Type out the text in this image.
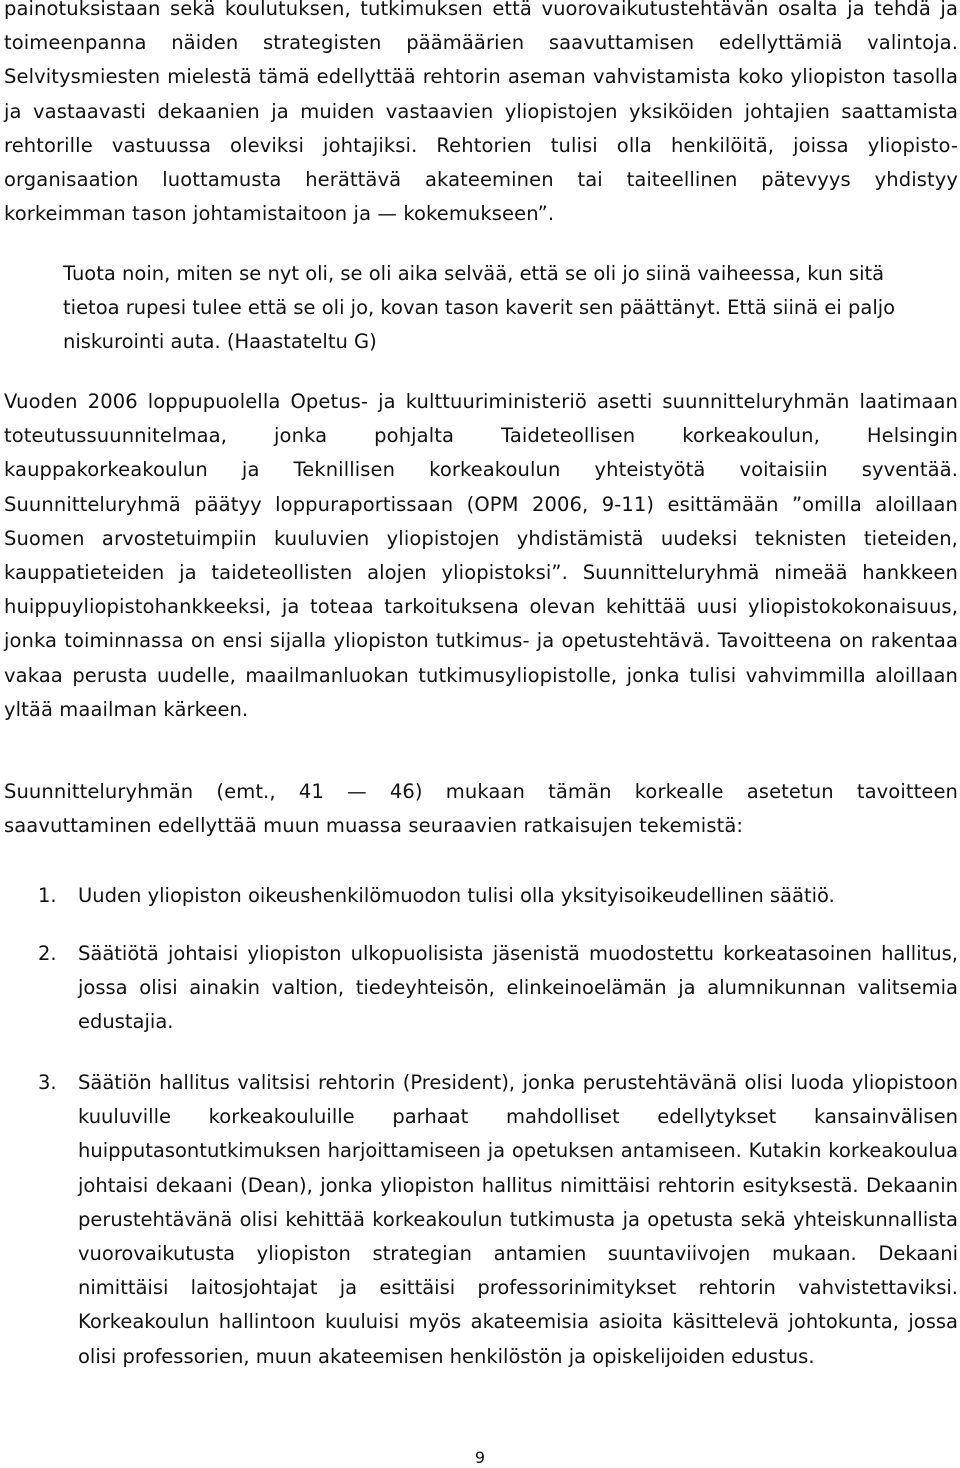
painotuksistaan sekä koulutuksen, tutkimuksen että vuorovaikutustehtävän osalta ja tehdä ja toimeenpanna näiden strategisten päämäärien saavuttamisen edellyttämiä valintoja. Selvitysmiesten mielestä tämä edellyttää rehtorin aseman vahvistamista koko yliopiston tasolla ja vastaavasti dekaanien ja muiden vastaavien yliopistojen yksiköiden johtajien saattamista rehtorille vastuussa oleviksi johtajiksi. Rehtorien tulisi olla henkilöitä, joissa yliopisto-organisaation luottamusta herättävä akateeminen tai taiteellinen pätevyys yhdistyy korkeimman tason johtamistaitoon ja — kokemukseen”.

Tuota noin, miten se nyt oli, se oli aika selvää, että se oli jo siinä vaiheessa, kun sitä tietoa rupesi tulee että se oli jo, kovan tason kaverit sen päättänyt. Että siinä ei paljo niskurointi auta. (Haastateltu G)

Vuoden 2006 loppupuolella Opetus- ja kulttuuriministeriö asetti suunnitteluryhmän laatimaan toteutussuunnitelmaa, jonka pohjalta Taideteollisen korkeakoulun, Helsingin kauppakorkeakoulun ja Teknillisen korkeakoulun yhteistyötä voitaisiin syventää. Suunnitteluryhmä päätyy loppuraportissaan (OPM 2006, 9-11) esittämään ”omilla aloillaan Suomen arvostetuimpiin kuuluvien yliopistojen yhdistämistä uudeksi teknisten tieteiden, kauppatieteiden ja taideteollisten alojen yliopistoksi”. Suunnitteluryhmä nimeää hankkeen huippuyliopistohankkeeksi, ja toteaa tarkoituksena olevan kehittää uusi yliopistokokonaisuus, jonka toiminnassa on ensi sijalla yliopiston tutkimus- ja opetustehtävä. Tavoitteena on rakentaa vakaa perusta uudelle, maailmanluokan tutkimusyliopistolle, jonka tulisi vahvimmilla aloillaan yltää maailman kärkeen.

Suunnitteluryhmän (emt., 41 — 46) mukaan tämän korkealle asetetun tavoitteen saavuttaminen edellyttää muun muassa seuraavien ratkaisujen tekemistä:

1. Uuden yliopiston oikeushenkilömuodon tulisi olla yksityisoikeudellinen säätiö.

2. Säätiötä johtaisi yliopiston ulkopuolisista jäsenistä muodostettu korkeatasoinen hallitus, jossa olisi ainakin valtion, tiedeyhteisön, elinkeinoelämän ja alumnikunnan valitsemia edustajia.

3. Säätiön hallitus valitsisi rehtorin (President), jonka perustehtävänä olisi luoda yliopistoon kuuluville korkeakouluille parhaat mahdolliset edellytykset kansainvälisen huipputasontutkimuksen harjoittamiseen ja opetuksen antamiseen. Kutakin korkeakoulua johtaisi dekaani (Dean), jonka yliopiston hallitus nimittäisi rehtorin esityksestä. Dekaanin perustehtävänä olisi kehittää korkeakoulun tutkimusta ja opetusta sekä yhteiskunnallista vuorovaikutusta yliopiston strategian antamien suuntaviivojen mukaan. Dekaani nimittäisi laitosjohtajat ja esittäisi professorinimitykset rehtorin vahvistettaviksi. Korkeakoulun hallintoon kuuluisi myös akateemisia asioita käsittelevä johtokunta, jossa olisi professorien, muun akateemisen henkilöstön ja opiskelijoiden edustus.

9
